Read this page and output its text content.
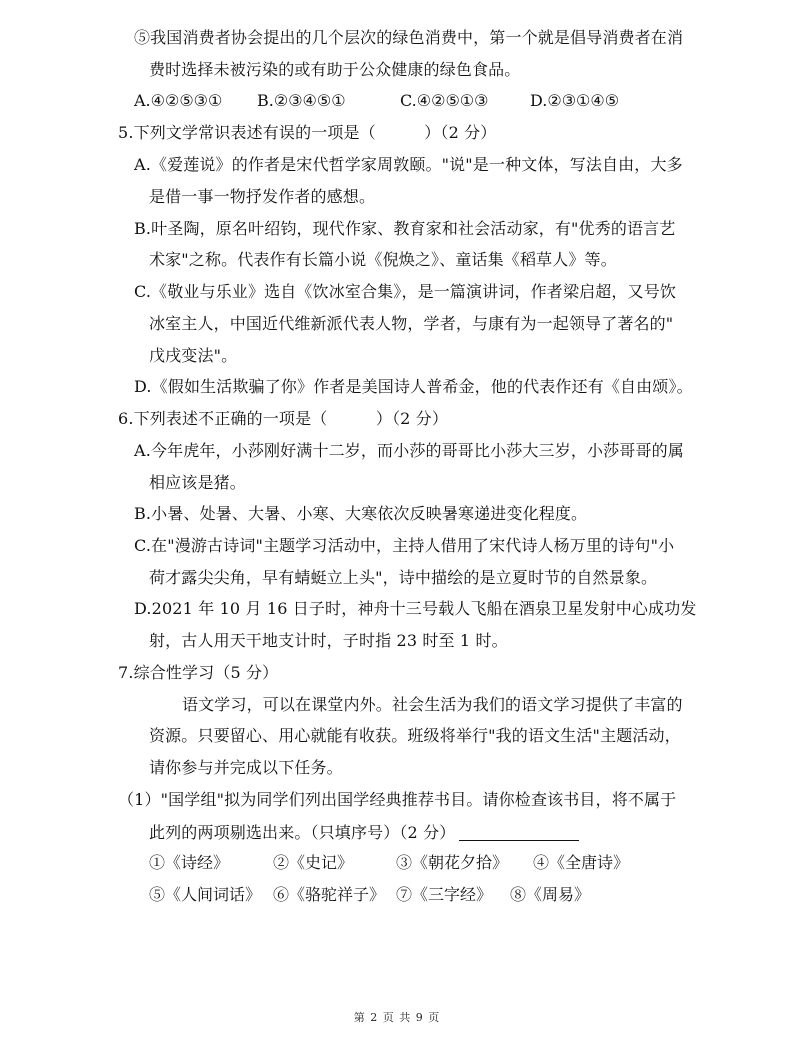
⑤我国消费者协会提出的几个层次的绿色消费中，第一个就是倡导消费者在消
费时选择未被污染的或有助于公众健康的绿色食品。
A.④②⑤③① B.②③④⑤①	C.④②⑤①③	D.②③①④⑤
5.下列文学常识表述有误的一项是（　　　）（2 分）
A.《爱莲说》的作者是宋代哲学家周敦颐。"说"是一种文体，写法自由，大多
是借一事一物抒发作者的感想。
B.叶圣陶，原名叶绍钧，现代作家、教育家和社会活动家，有"优秀的语言艺
术家"之称。代表作有长篇小说《倪焕之》、童话集《稻草人》等。
C.《敬业与乐业》选自《饮冰室合集》，是一篇演讲词，作者梁启超，又号饮
冰室主人，中国近代维新派代表人物，学者，与康有为一起领导了著名的"
戊戌变法"。
D.《假如生活欺骗了你》作者是美国诗人普希金，他的代表作还有《自由颂》。
6.下列表述不正确的一项是（　　　）（2 分）
A.今年虎年，小莎刚好满十二岁，而小莎的哥哥比小莎大三岁，小莎哥哥的属
相应该是猪。
B.小暑、处暑、大暑、小寒、大寒依次反映暑寒递进变化程度。
C.在"漫游古诗词"主题学习活动中，主持人借用了宋代诗人杨万里的诗句"小
荷才露尖尖角，早有蜻蜓立上头"，诗中描绘的是立夏时节的自然景象。
D.2021 年 10 月 16 日子时，神舟十三号载人飞船在酒泉卫星发射中心成功发
射，古人用天干地支计时，子时指 23 时至 1 时。
7.综合性学习（5 分）
语文学习，可以在课堂内外。社会生活为我们的语文学习提供了丰富的
资源。只要留心、用心就能有收获。班级将举行"我的语文生活"主题活动，
请你参与并完成以下任务。
（1）"国学组"拟为同学们列出国学经典推荐书目。请你检查该书目，将不属于
此列的两项剔选出来。（只填序号）（2 分）
①《诗经》	②《史记》	③《朝花夕拾》 ④《全唐诗》
⑤《人间词话》 ⑥《骆驼祥子》 ⑦《三字经》 ⑧《周易》
第 2 页 共 9 页
